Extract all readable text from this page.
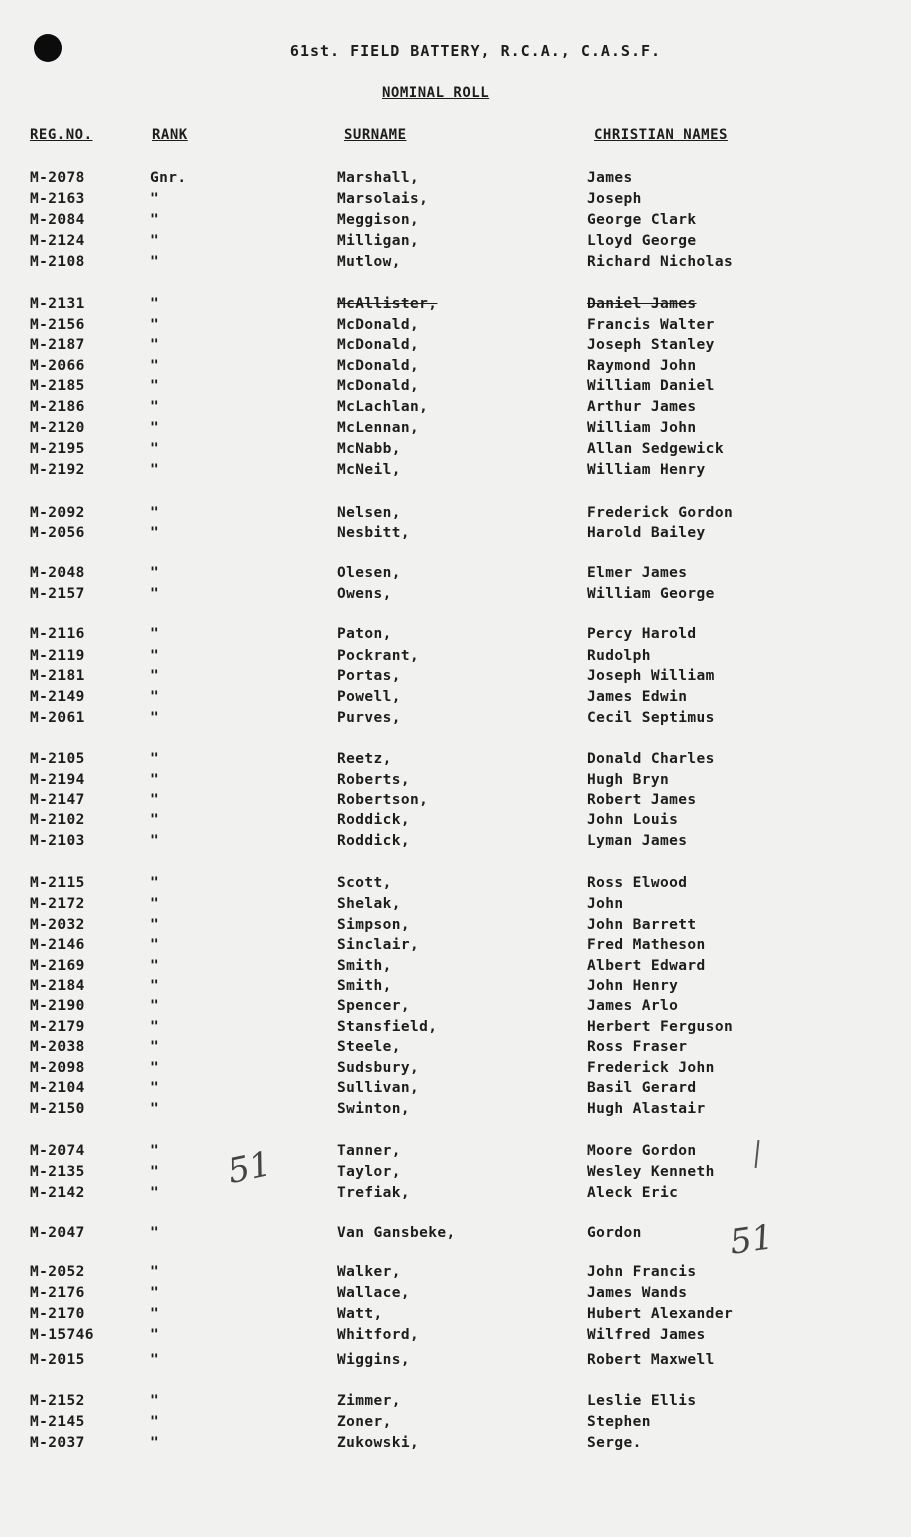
61st. FIELD BATTERY, R.C.A., C.A.S.F.
NOMINAL ROLL
REG.NO.	RANK	SURNAME	CHRISTIAN NAMES
M-2078	Gnr.	Marshall,	James
M-2163	"	Marsolais,	Joseph
M-2084	"	Meggison,	George Clark
M-2124	"	Milligan,	Lloyd George
M-2108	"	Mutlow,	Richard Nicholas
M-2131	"	McAllister,	Daniel James
M-2156	"	McDonald,	Francis Walter
M-2187	"	McDonald,	Joseph Stanley
M-2066	"	McDonald,	Raymond John
M-2185	"	McDonald,	William Daniel
M-2186	"	McLachlan,	Arthur James
M-2120	"	McLennan,	William John
M-2195	"	McNabb,	Allan Sedgewick
M-2192	"	McNeil,	William Henry
M-2092	"	Nelsen,	Frederick Gordon
M-2056	"	Nesbitt,	Harold Bailey
M-2048	"	Olesen,	Elmer James
M-2157	"	Owens,	William George
M-2116	"	Paton,	Percy Harold
M-2119	"	Pockrant,	Rudolph
M-2181	"	Portas,	Joseph William
M-2149	"	Powell,	James Edwin
M-2061	"	Purves,	Cecil Septimus
M-2105	"	Reetz,	Donald Charles
M-2194	"	Roberts,	Hugh Bryn
M-2147	"	Robertson,	Robert James
M-2102	"	Roddick,	John Louis
M-2103	"	Roddick,	Lyman James
M-2115	"	Scott,	Ross Elwood
M-2172	"	Shelak,	John
M-2032	"	Simpson,	John Barrett
M-2146	"	Sinclair,	Fred Matheson
M-2169	"	Smith,	Albert Edward
M-2184	"	Smith,	John Henry
M-2190	"	Spencer,	James Arlo
M-2179	"	Stansfield,	Herbert Ferguson
M-2038	"	Steele,	Ross Fraser
M-2098	"	Sudsbury,	Frederick John
M-2104	"	Sullivan,	Basil Gerard
M-2150	"	Swinton,	Hugh Alastair
M-2074	"	Tanner,	Moore Gordon
M-2135	"	Taylor,	Wesley Kenneth
M-2142	"	Trefiak,	Aleck Eric
M-2047	"	Van Gansbeke,	Gordon
M-2052	"	Walker,	John Francis
M-2176	"	Wallace,	James Wands
M-2170	"	Watt,	Hubert Alexander
M-15746	"	Whitford,	Wilfred James
M-2015	"	Wiggins,	Robert Maxwell
M-2152	"	Zimmer,	Leslie Ellis
M-2145	"	Zoner,	Stephen
M-2037	"	Zukowski,	Serge.
51
51
